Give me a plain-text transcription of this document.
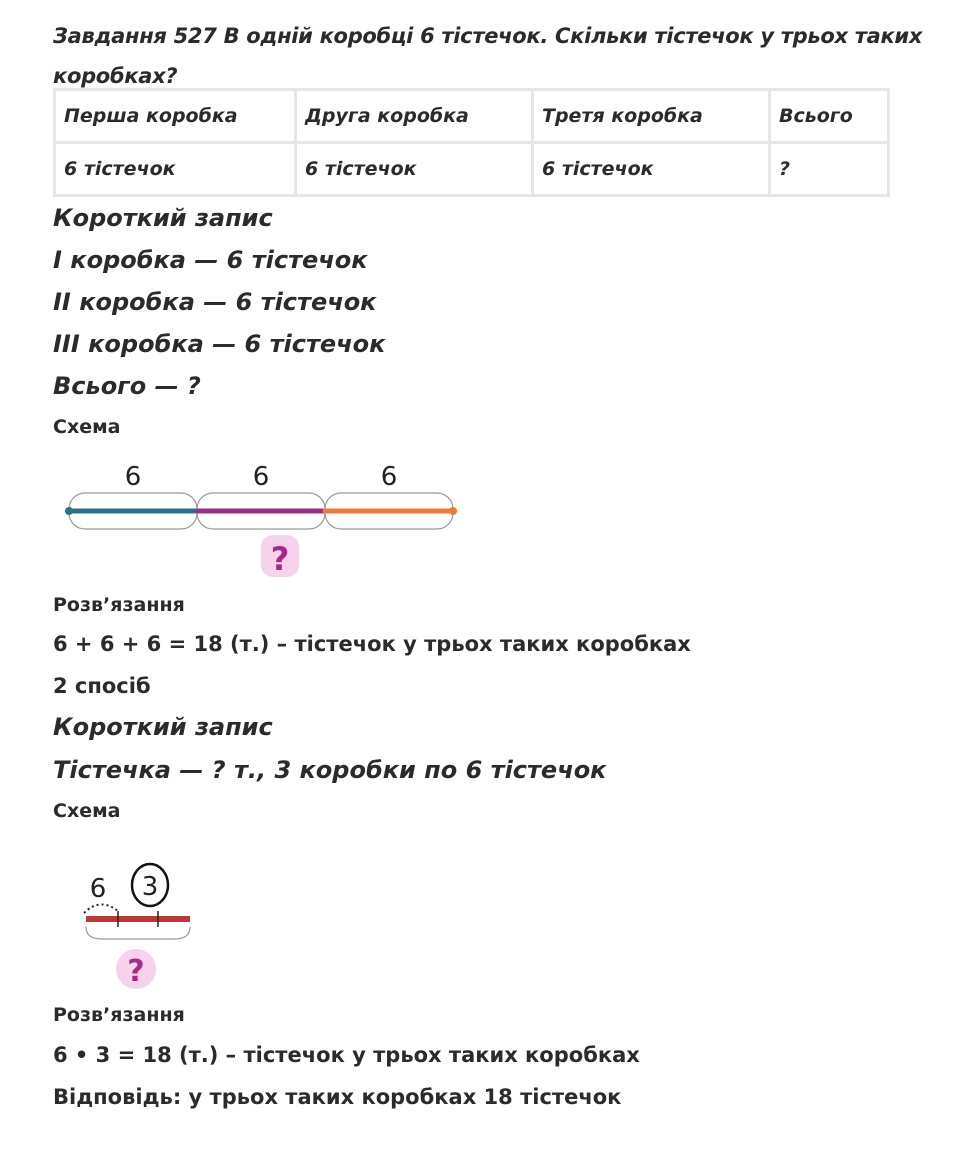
Завдання 527 В одній коробці 6 тістечок. Скільки тістечок у трьох таких коробках?
Перша коробка	Друга коробка	Третя коробка	Всього
6 тістечок	6 тістечок	6 тістечок	?
Короткий запис
І коробка — 6 тістечок
ІІ коробка — 6 тістечок
ІІІ коробка — 6 тістечок
Всього — ?
Схема
6	6	6
?
Розв’язання
6 + 6 + 6 = 18 (т.) – тістечок у трьох таких коробках
2 спосіб
Короткий запис
Тістечка — ? т., 3 коробки по 6 тістечок
Схема
6 3
?
Розв’язання
6 • 3 = 18 (т.) – тістечок у трьох таких коробках
Відповідь: у трьох таких коробках 18 тістечок
